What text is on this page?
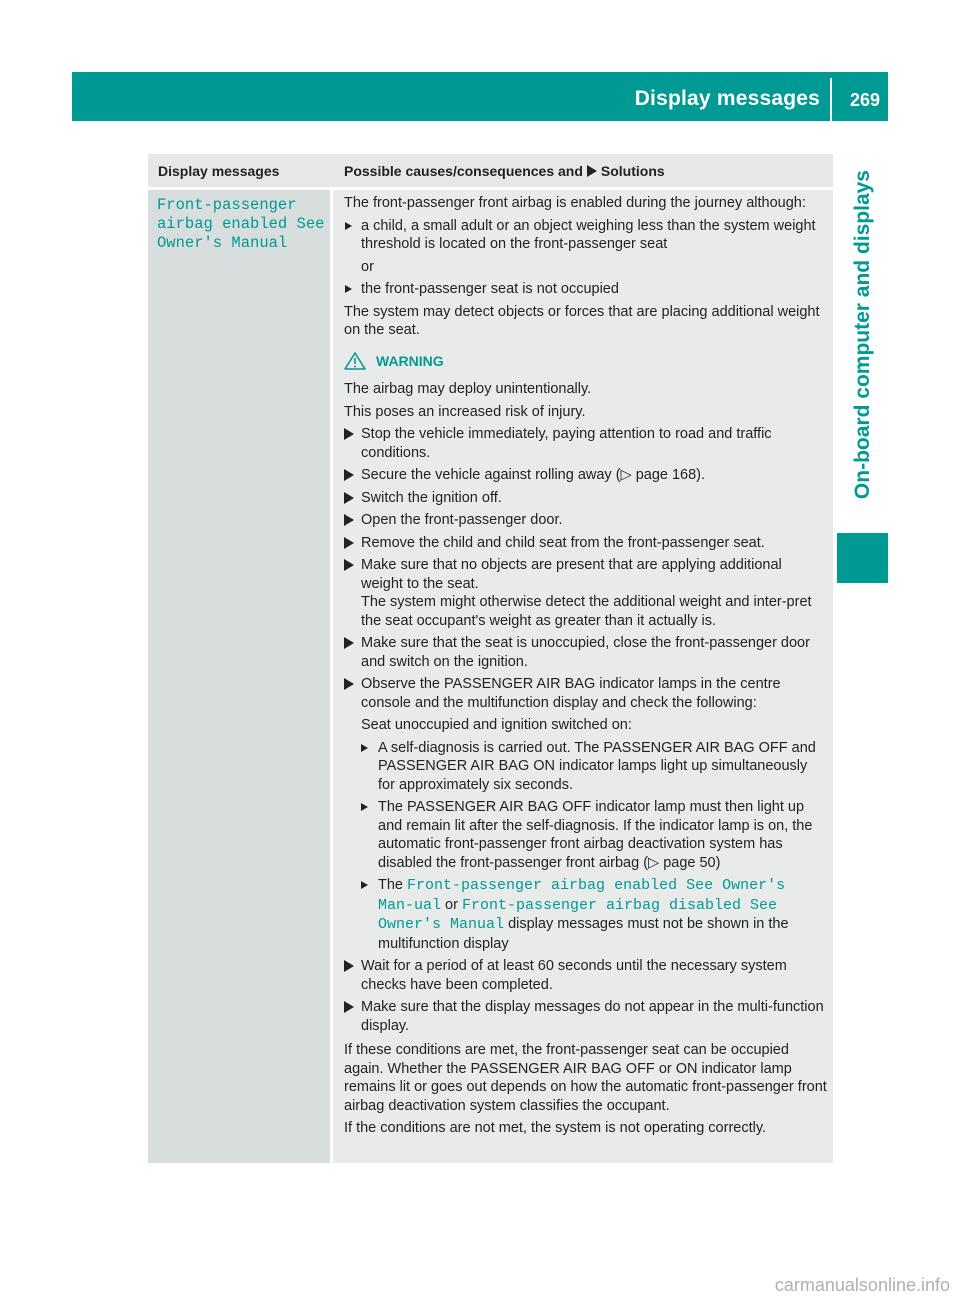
Display messages 269
On-board computer and displays
Display messages	Possible causes/consequences and Solutions
Front-passenger airbag enabled See Owner's Manual

The front-passenger front airbag is enabled during the journey although:

a child, a small adult or an object weighing less than the system weight threshold is located on the front-passenger seat

or

the front-passenger seat is not occupied

The system may detect objects or forces that are placing additional weight on the seat.

WARNING

The airbag may deploy unintentionally.

This poses an increased risk of injury.

Stop the vehicle immediately, paying attention to road and traffic conditions.

Secure the vehicle against rolling away (▷ page 168).

Switch the ignition off.

Open the front-passenger door.

Remove the child and child seat from the front-passenger seat.

Make sure that no objects are present that are applying additional weight to the seat.

The system might otherwise detect the additional weight and inter-pret the seat occupant's weight as greater than it actually is.

Make sure that the seat is unoccupied, close the front-passenger door and switch on the ignition.

Observe the PASSENGER AIR BAG indicator lamps in the centre console and the multifunction display and check the following:

Seat unoccupied and ignition switched on:

A self-diagnosis is carried out. The PASSENGER AIR BAG OFF and PASSENGER AIR BAG ON indicator lamps light up simultaneously for approximately six seconds.

The PASSENGER AIR BAG OFF indicator lamp must then light up and remain lit after the self-diagnosis. If the indicator lamp is on, the automatic front-passenger front airbag deactivation system has disabled the front-passenger front airbag (▷ page 50)

The Front-passenger airbag enabled See Owner's Man‐ual or Front-passenger airbag disabled See Owner's Manual display messages must not be shown in the multifunction display

Wait for a period of at least 60 seconds until the necessary system checks have been completed.

Make sure that the display messages do not appear in the multi-function display.

If these conditions are met, the front-passenger seat can be occupied again. Whether the PASSENGER AIR BAG OFF or ON indicator lamp remains lit or goes out depends on how the automatic front-passenger front airbag deactivation system classifies the occupant.

If the conditions are not met, the system is not operating correctly.

carmanualsonline.info
